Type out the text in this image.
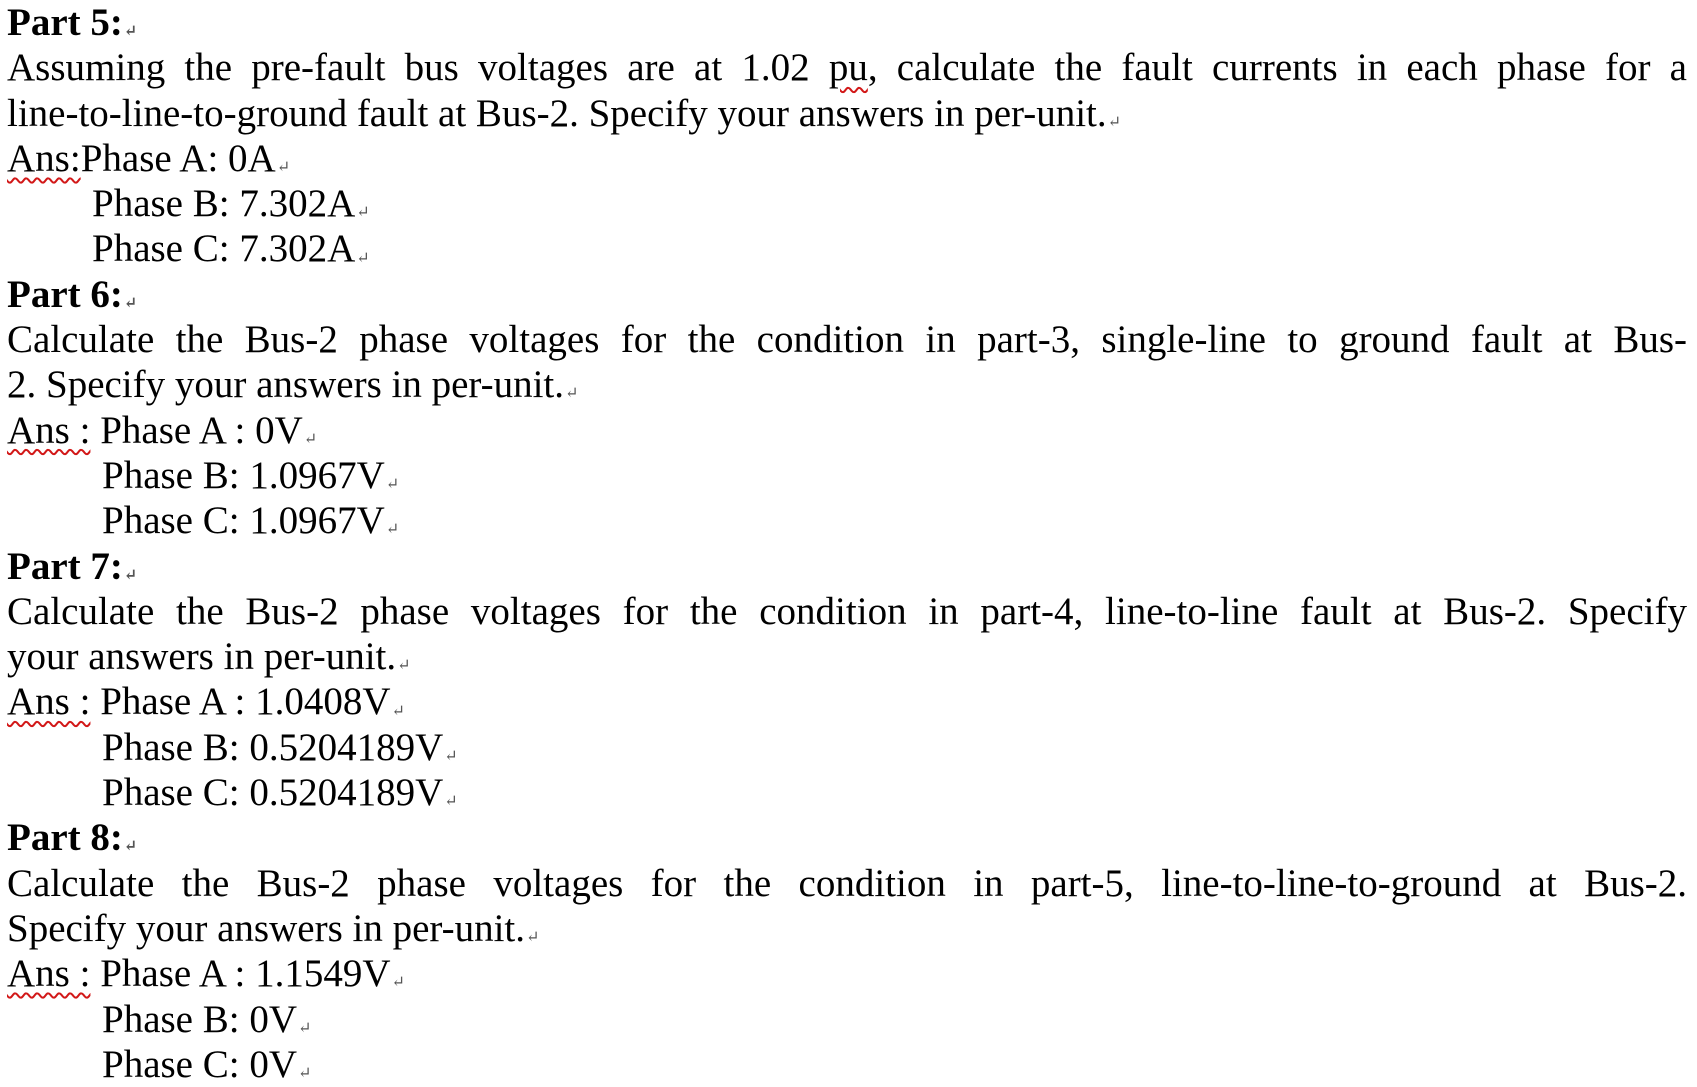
Part 5:↵
Assuming the pre-fault bus voltages are at 1.02 pu, calculate the fault currents in each phase for a
line-to-line-to-ground fault at Bus-2. Specify your answers in per-unit.↵
Ans:Phase A: 0A↵
Phase B: 7.302A↵
Phase C: 7.302A↵
Part 6:↵
Calculate the Bus-2 phase voltages for the condition in part-3, single-line to ground fault at Bus-
2. Specify your answers in per-unit.↵
Ans : Phase A : 0V↵
Phase B: 1.0967V↵
Phase C: 1.0967V↵
Part 7:↵
Calculate the Bus-2 phase voltages for the condition in part-4, line-to-line fault at Bus-2. Specify
your answers in per-unit.↵
Ans : Phase A : 1.0408V↵
Phase B: 0.5204189V↵
Phase C: 0.5204189V↵
Part 8:↵
Calculate the Bus-2 phase voltages for the condition in part-5, line-to-line-to-ground at Bus-2.
Specify your answers in per-unit.↵
Ans : Phase A : 1.1549V↵
Phase B: 0V↵
Phase C: 0V↵
